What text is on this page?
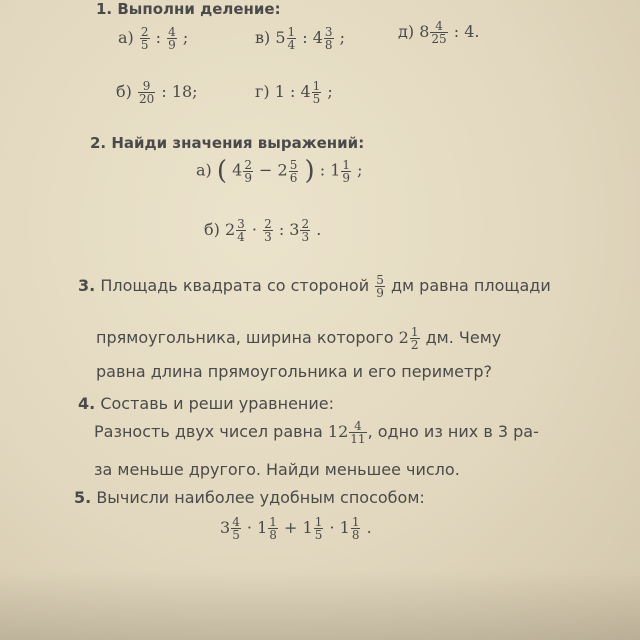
1. Выполни деление:
$а) \frac{2}{5}$ : $\frac{4}{9}$ ;	в) $5 \frac{1}{4}$ : $4 \frac{3}{8}$ ;	д) $8 \frac{4}{25}$ : 4.
$б) \frac{9}{20}$ : 18;	г) 1 : $4 \frac{1}{5}$ ;
2. Найди значения выражений:
а) ( $4 \frac{2}{9} - 2 \frac{5}{6}$ ) : $1 \frac{1}{9}$ ;
б) $2 \frac{3}{4} \cdot \frac{2}{3}$ : $3 \frac{2}{3}$ .
3. Площадь квадрата со стороной $\frac{5}{9}$ дм равна площади
прямоугольника, ширина которого $2 \frac{1}{2}$ дм. Чему
равна длина прямоугольника и его периметр?
4. Составь и реши уравнение:
Разность двух чисел равна $12 \frac{4}{11}$ , одно из них в 3 ра-
за меньше другого. Найди меньшее число.
5. Вычисли наиболее удобным способом:
$3 \frac{4}{5} \cdot 1 \frac{1}{8} + 1 \frac{1}{5} \cdot 1 \frac{1}{8}$ .
